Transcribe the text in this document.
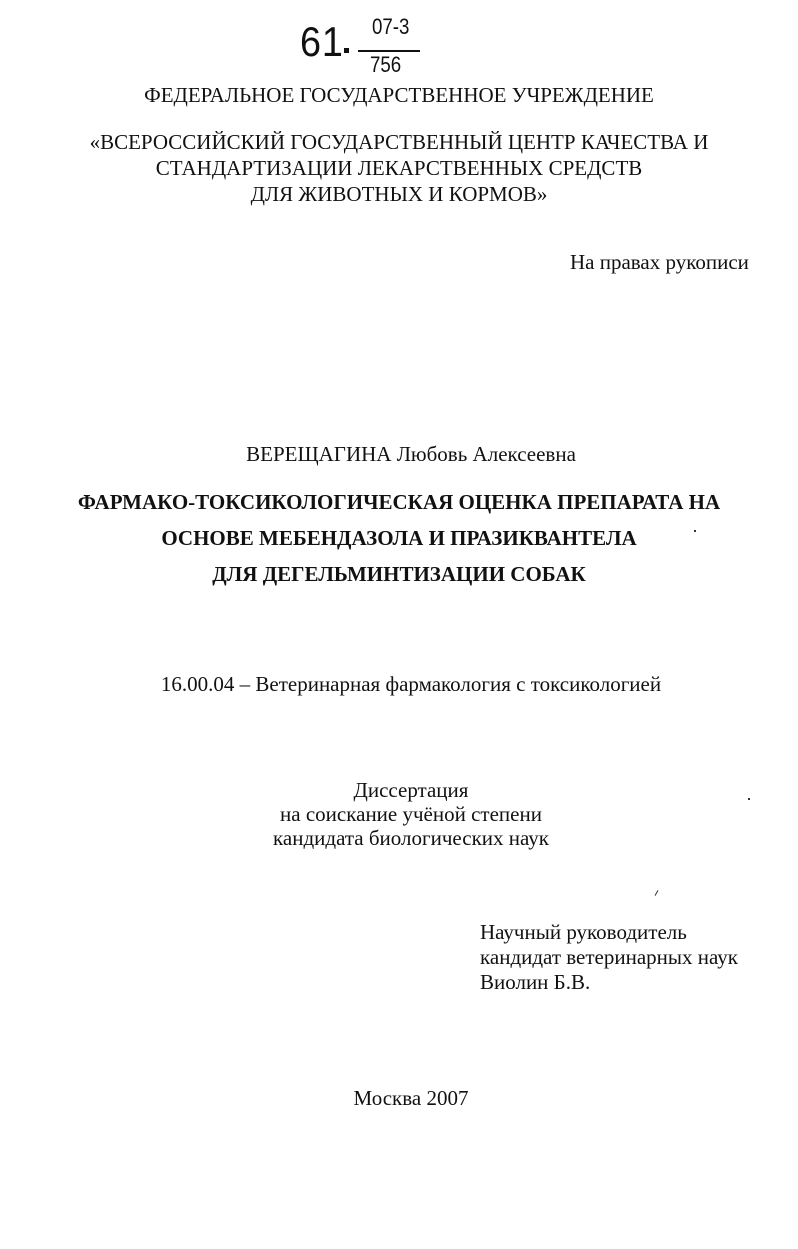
61 07-3
756
ФЕДЕРАЛЬНОЕ ГОСУДАРСТВЕННОЕ УЧРЕЖДЕНИЕ
«ВСЕРОССИЙСКИЙ ГОСУДАРСТВЕННЫЙ ЦЕНТР КАЧЕСТВА И
СТАНДАРТИЗАЦИИ ЛЕКАРСТВЕННЫХ СРЕДСТВ
ДЛЯ ЖИВОТНЫХ И КОРМОВ»
На правах рукописи
ВЕРЕЩАГИНА Любовь Алексеевна
ФАРМАКО-ТОКСИКОЛОГИЧЕСКАЯ ОЦЕНКА ПРЕПАРАТА НА
ОСНОВЕ МЕБЕНДАЗОЛА И ПРАЗИКВАНТЕЛА
ДЛЯ ДЕГЕЛЬМИНТИЗАЦИИ СОБАК
16.00.04 – Ветеринарная фармакология с токсикологией
Диссертация
на соискание учёной степени
кандидата биологических наук
Научный руководитель
кандидат ветеринарных наук
Виолин Б.В.
Москва 2007
